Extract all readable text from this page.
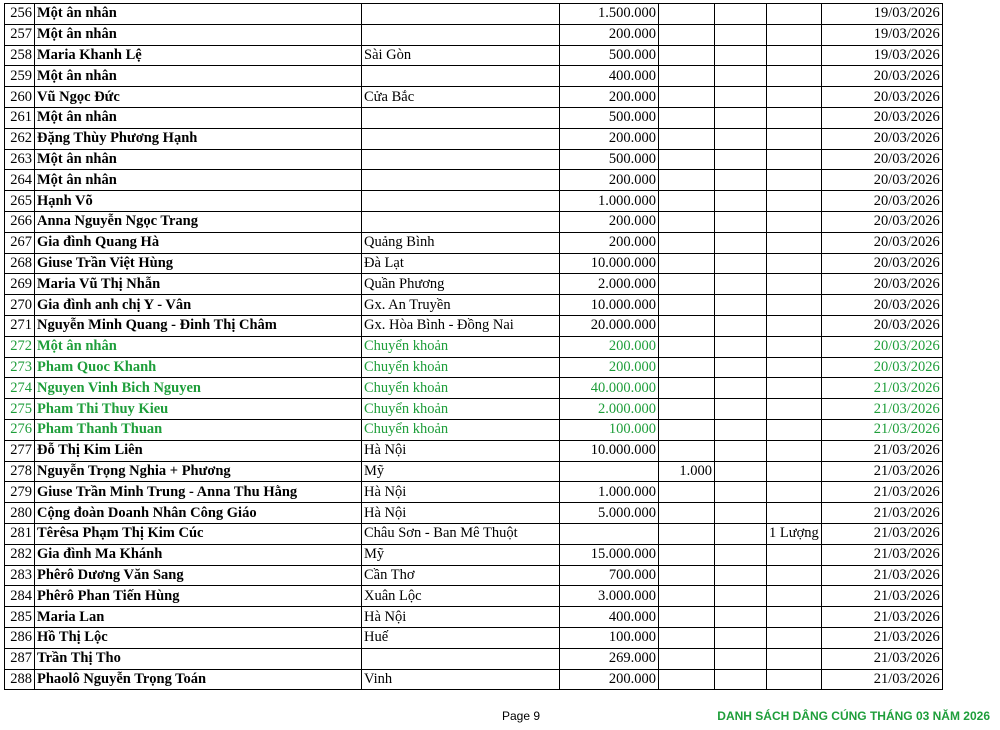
256	Một ân nhân		1.500.000				19/03/2026
257	Một ân nhân		200.000				19/03/2026
258	Maria Khanh Lệ	Sài Gòn	500.000				19/03/2026
259	Một ân nhân		400.000				20/03/2026
260	Vũ Ngọc Đức	Cửa Bắc	200.000				20/03/2026
261	Một ân nhân		500.000				20/03/2026
262	Đặng Thùy Phương Hạnh		200.000				20/03/2026
263	Một ân nhân		500.000				20/03/2026
264	Một ân nhân		200.000				20/03/2026
265	Hạnh Võ		1.000.000				20/03/2026
266	Anna Nguyễn Ngọc Trang		200.000				20/03/2026
267	Gia đình Quang Hà	Quảng Bình	200.000				20/03/2026
268	Giuse Trần Việt Hùng	Đà Lạt	10.000.000				20/03/2026
269	Maria Vũ Thị Nhẫn	Quần Phương	2.000.000				20/03/2026
270	Gia đình anh chị Y - Vân	Gx. An Truyền	10.000.000				20/03/2026
271	Nguyễn Minh Quang - Đinh Thị Châm	Gx. Hòa Bình - Đồng Nai	20.000.000				20/03/2026
272	Một ân nhân	Chuyển khoản	200.000				20/03/2026
273	Pham Quoc Khanh	Chuyển khoản	200.000				20/03/2026
274	Nguyen Vinh Bich Nguyen	Chuyển khoản	40.000.000				21/03/2026
275	Pham Thi Thuy Kieu	Chuyển khoản	2.000.000				21/03/2026
276	Pham Thanh Thuan	Chuyển khoản	100.000				21/03/2026
277	Đỗ Thị Kim Liên	Hà Nội	10.000.000				21/03/2026
278	Nguyễn Trọng Nghia + Phương	Mỹ		1.000			21/03/2026
279	Giuse Trần Minh Trung - Anna Thu Hằng	Hà Nội	1.000.000				21/03/2026
280	Cộng đoàn Doanh Nhân Công Giáo	Hà Nội	5.000.000				21/03/2026
281	Têrêsa Phạm Thị Kim Cúc	Châu Sơn - Ban Mê Thuột				1 Lượng	21/03/2026
282	Gia đình Ma Khánh	Mỹ	15.000.000				21/03/2026
283	Phêrô Dương Văn Sang	Cần Thơ	700.000				21/03/2026
284	Phêrô Phan Tiến Hùng	Xuân Lộc	3.000.000				21/03/2026
285	Maria Lan	Hà Nội	400.000				21/03/2026
286	Hồ Thị Lộc	Huế	100.000				21/03/2026
287	Trần Thị Tho		269.000				21/03/2026
288	Phaolô Nguyễn Trọng Toán	Vinh	200.000				21/03/2026
Page 9	DANH SÁCH DÂNG CÚNG THÁNG 03 NĂM 2026
